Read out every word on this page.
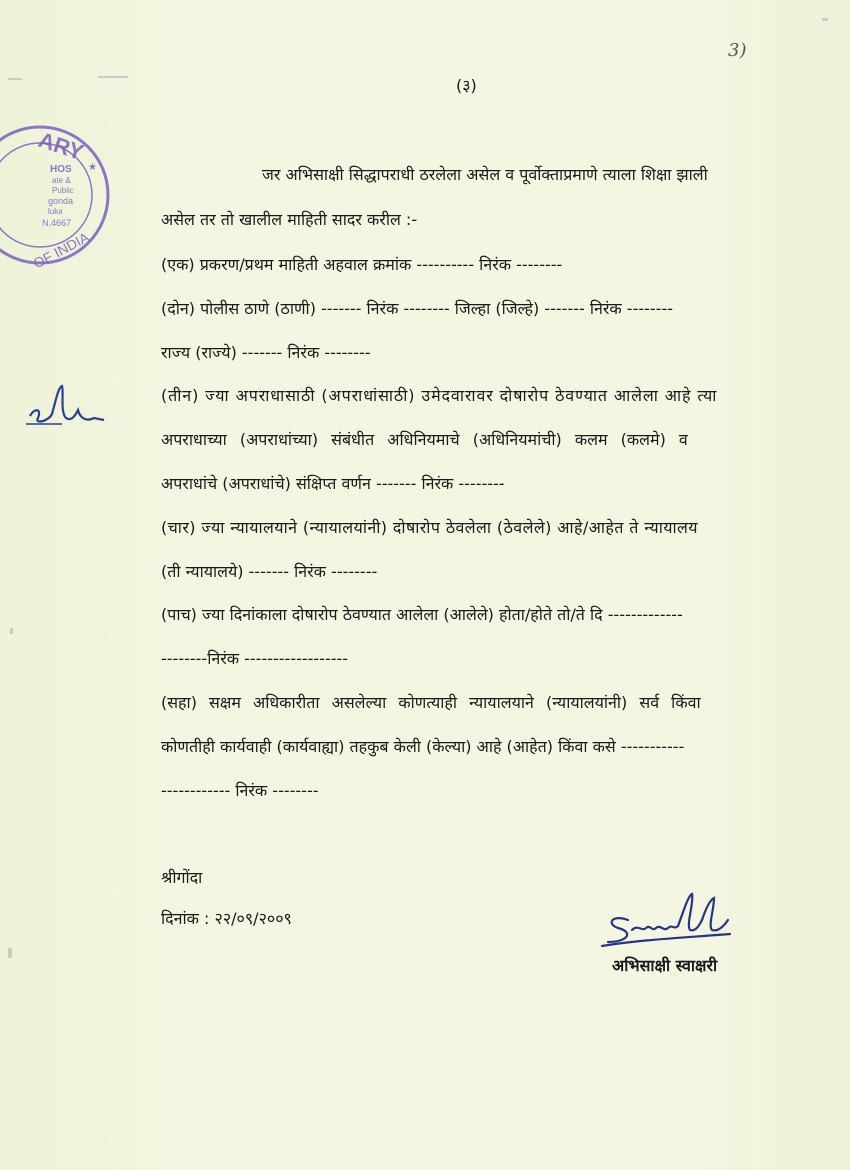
ARY
HOS
ate &
Public
gonda
luka
N.4667
OF INDIA
★
3)
(३)
जर अभिसाक्षी सिद्धापराधी ठरलेला असेल व पूर्वोक्ताप्रमाणे त्याला शिक्षा झाली
असेल तर तो खालील माहिती सादर करील :-
(एक) प्रकरण/प्रथम माहिती अहवाल क्रमांक ---------- निरंक --------
(दोन) पोलीस ठाणे (ठाणी) ------- निरंक -------- जिल्हा (जिल्हे) ------- निरंक --------
राज्य (राज्ये) ------- निरंक --------
(तीन) ज्या अपराधासाठी (अपराधांसाठी) उमेदवारावर दोषारोप ठेवण्यात आलेला आहे त्या
अपराधाच्या (अपराधांच्या) संबंधीत अधिनियमाचे (अधिनियमांची) कलम (कलमे) व
अपराधांचे (अपराधांचे) संक्षिप्त वर्णन ------- निरंक --------
(चार) ज्या न्यायालयाने (न्यायालयांनी) दोषारोप ठेवलेला (ठेवलेले) आहे/आहेत ते न्यायालय
(ती न्यायालये) ------- निरंक --------
(पाच) ज्या दिनांकाला दोषारोप ठेवण्यात आलेला (आलेले) होता/होते तो/ते दि -------------
--------निरंक ------------------
(सहा) सक्षम अधिकारीता असलेल्या कोणत्याही न्यायालयाने (न्यायालयांनी) सर्व किंवा
कोणतीही कार्यवाही (कार्यवाह्या) तहकुब केली (केल्या) आहे (आहेत) किंवा कसे -----------
------------ निरंक --------
श्रीगोंदा
दिनांक : २२/०९/२००९
अभिसाक्षी स्वाक्षरी
